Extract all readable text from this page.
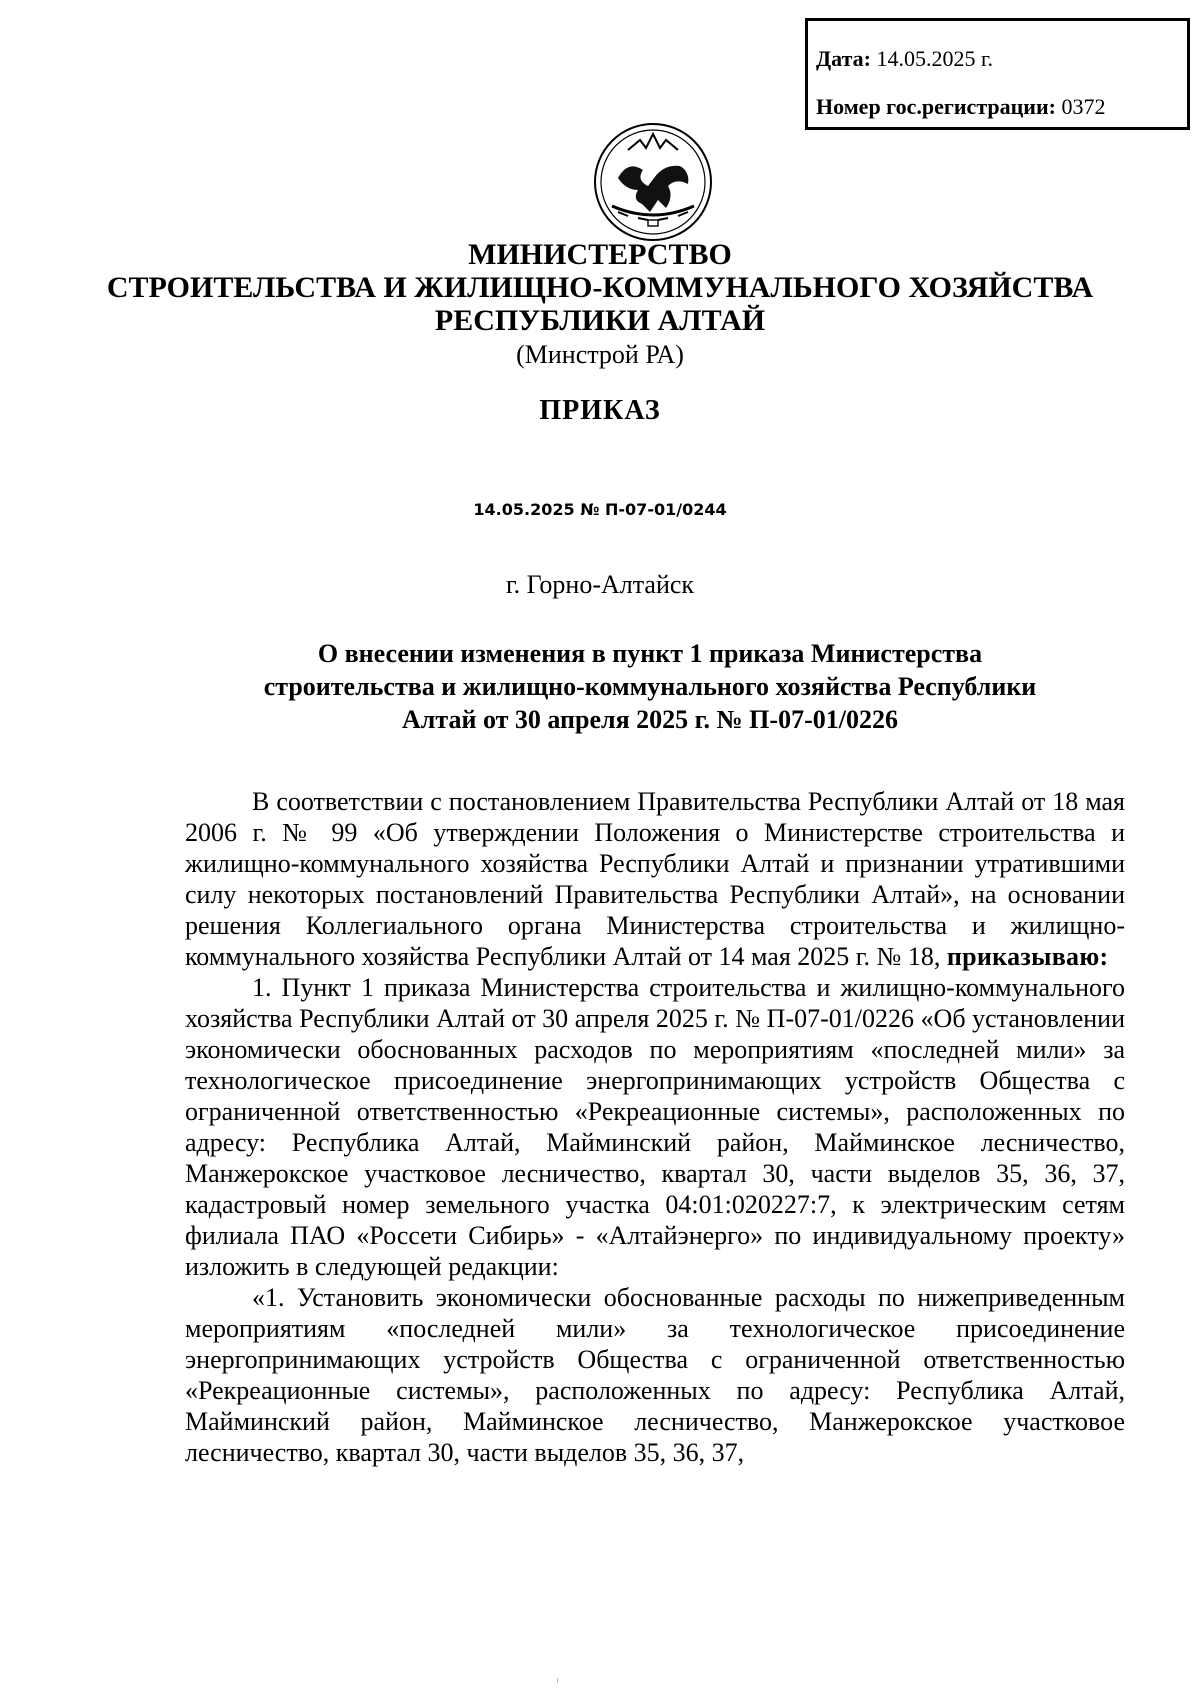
Дата: 14.05.2025 г.
Номер гос.регистрации: 0372
МИНИСТЕРСТВО
СТРОИТЕЛЬСТВА И ЖИЛИЩНО-КОММУНАЛЬНОГО ХОЗЯЙСТВА
РЕСПУБЛИКИ АЛТАЙ
(Минстрой РА)
ПРИКАЗ
14.05.2025 № П-07-01/0244
г. Горно-Алтайск
О внесении изменения в пункт 1 приказа Министерства
строительства и жилищно-коммунального хозяйства Республики
Алтай от 30 апреля 2025 г. № П-07-01/0226

В соответствии с постановлением Правительства Республики Алтай от 18 мая 2006 г. № 99 «Об утверждении Положения о Министерстве строительства и жилищно-коммунального хозяйства Республики Алтай и признании утратившими силу некоторых постановлений Правительства Республики Алтай», на основании решения Коллегиального органа Министерства строительства и жилищно-коммунального хозяйства Республики Алтай от 14 мая 2025 г. № 18, приказываю:

1. Пункт 1 приказа Министерства строительства и жилищно-коммунального хозяйства Республики Алтай от 30 апреля 2025 г. № П-07-01/0226 «Об установлении экономически обоснованных расходов по мероприятиям «последней мили» за технологическое присоединение энергопринимающих устройств Общества с ограниченной ответственностью «Рекреационные системы», расположенных по адресу: Республика Алтай, Майминский район, Майминское лесничество, Манжерокское участковое лесничество, квартал 30, части выделов 35, 36, 37, кадастровый номер земельного участка 04:01:020227:7, к электрическим сетям филиала ПАО «Россети Сибирь» - «Алтайэнерго» по индивидуальному проекту» изложить в следующей редакции:

«1. Установить экономически обоснованные расходы по нижеприведенным мероприятиям «последней мили» за технологическое присоединение энергопринимающих устройств Общества с ограниченной ответственностью «Рекреационные системы», расположенных по адресу: Республика Алтай, Майминский район, Майминское лесничество, Манжерокское участковое лесничество, квартал 30, части выделов 35, 36, 37,
